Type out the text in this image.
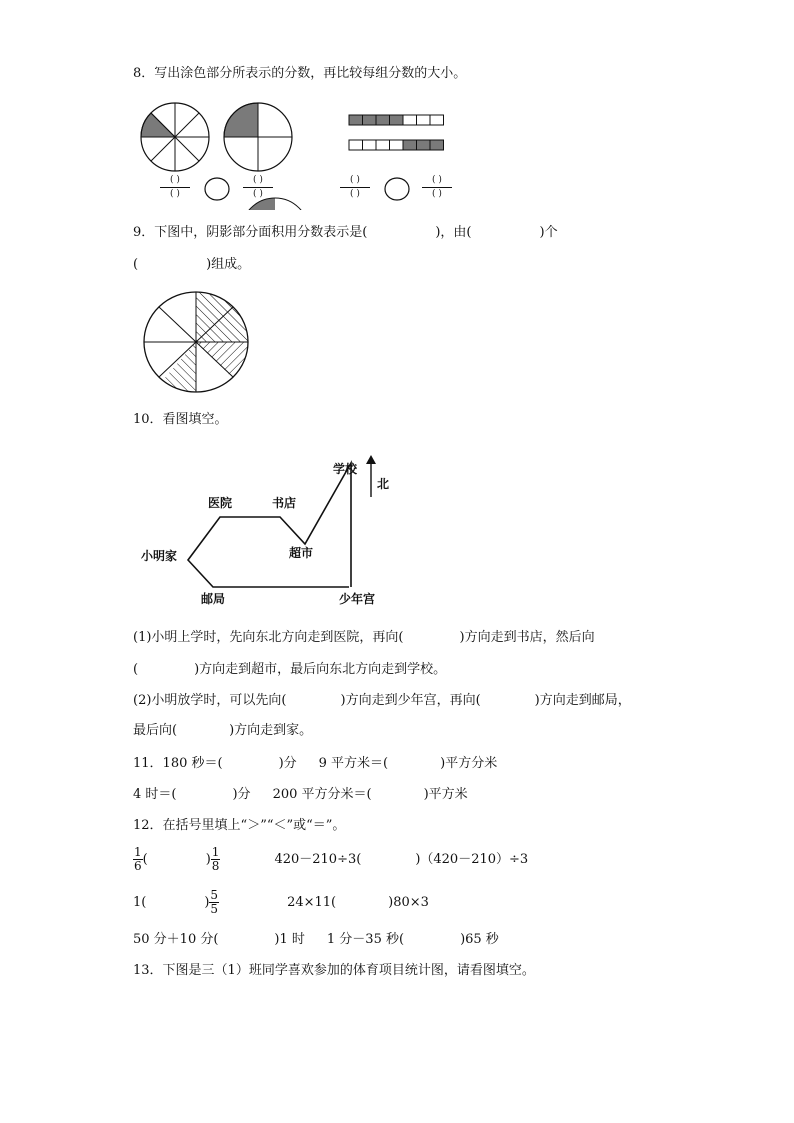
8．写出涂色部分所表示的分数，再比较每组分数的大小。
( )
( )
( )
( )
( )
( )
( )
( )
9．下图中，阴影部分面积用分数表示是(	)，由(	)个
(	)组成。
10．看图填空。
学校
北
医院	书店
小明家	超市
邮局	少年宫
(1)小明上学时，先向东北方向走到医院，再向(	)方向走到书店，然后向
(	)方向走到超市，最后向东北方向走到学校。
(2)小明放学时，可以先向(	)方向走到少年宫，再向(	)方向走到邮局，
最后向(	)方向走到家。
11．180 秒＝(	)分 9 平方米＝(	)平方分米
4 时＝(	)分 200 平方分米＝(	)平方米
12．在括号里填上“＞”“＜”或“＝”。
$\frac{1}{6}$ (	) $\frac{1}{8}$	420－210÷3(	)（420－210）÷3
1(	) $\frac{5}{5}$	24×11(	)80×3
50 分＋10 分(	)1 时 1 分－35 秒(	)65 秒
13．下图是三（1）班同学喜欢参加的体育项目统计图，请看图填空。
